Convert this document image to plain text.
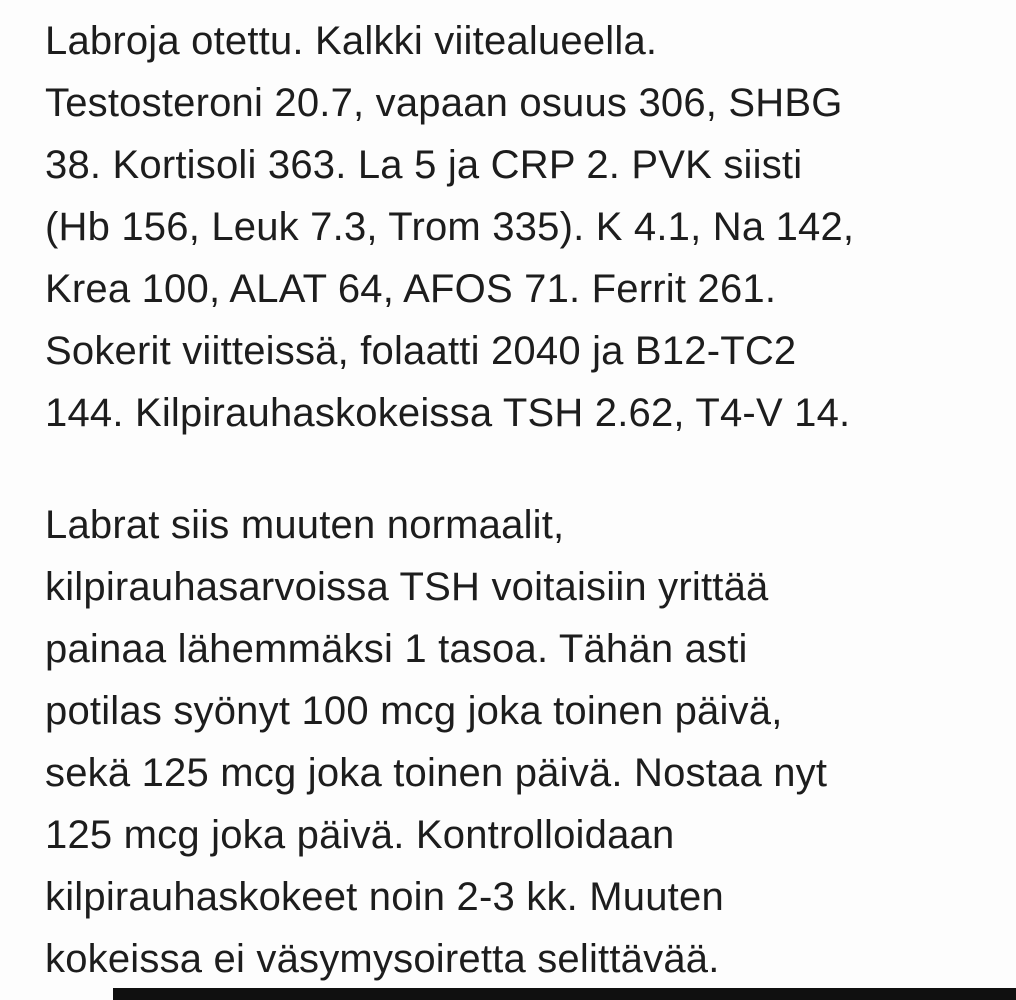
Labroja otettu. Kalkki viitealueella.
Testosteroni 20.7, vapaan osuus 306, SHBG
38. Kortisoli 363. La 5 ja CRP 2. PVK siisti
(Hb 156, Leuk 7.3, Trom 335). K 4.1, Na 142,
Krea 100, ALAT 64, AFOS 71. Ferrit 261.
Sokerit viitteissä, folaatti 2040 ja B12-TC2
144. Kilpirauhaskokeissa TSH 2.62, T4-V 14.

Labrat siis muuten normaalit,
kilpirauhasarvoissa TSH voitaisiin yrittää
painaa lähemmäksi 1 tasoa. Tähän asti
potilas syönyt 100 mcg joka toinen päivä,
sekä 125 mcg joka toinen päivä. Nostaa nyt
125 mcg joka päivä. Kontrolloidaan
kilpirauhaskokeet noin 2-3 kk. Muuten
kokeissa ei väsymysoiretta selittävää.
